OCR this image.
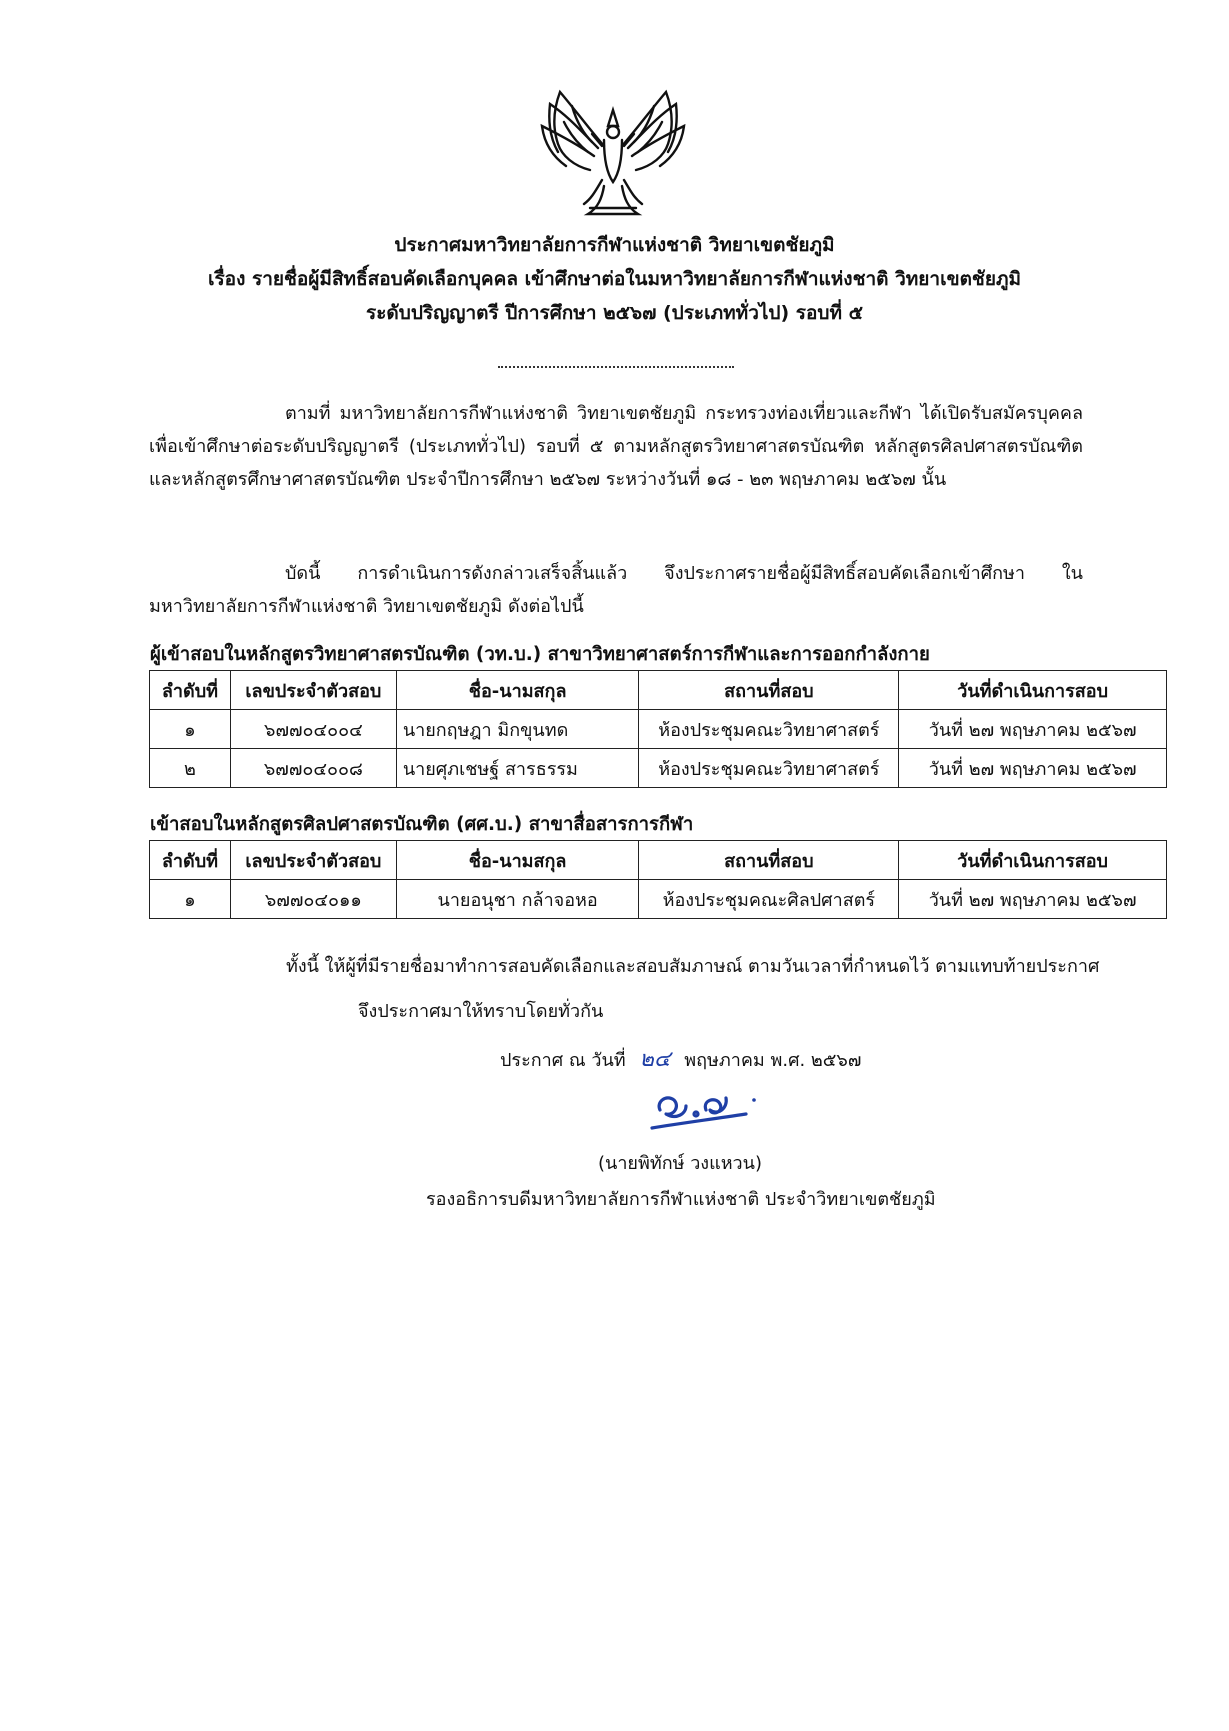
ประกาศมหาวิทยาลัยการกีฬาแห่งชาติ วิทยาเขตชัยภูมิ
เรื่อง รายชื่อผู้มีสิทธิ์สอบคัดเลือกบุคคล เข้าศึกษาต่อในมหาวิทยาลัยการกีฬาแห่งชาติ วิทยาเขตชัยภูมิ
ระดับปริญญาตรี ปีการศึกษา ๒๕๖๗ (ประเภททั่วไป) รอบที่ ๕
ตามที่ มหาวิทยาลัยการกีฬาแห่งชาติ วิทยาเขตชัยภูมิ กระทรวงท่องเที่ยวและกีฬา ได้เปิดรับสมัครบุคคล เพื่อเข้าศึกษาต่อระดับปริญญาตรี (ประเภททั่วไป) รอบที่ ๕ ตามหลักสูตรวิทยาศาสตรบัณฑิต หลักสูตรศิลปศาสตรบัณฑิต และหลักสูตรศึกษาศาสตรบัณฑิต ประจำปีการศึกษา ๒๕๖๗ ระหว่างวันที่ ๑๘ - ๒๓ พฤษภาคม ๒๕๖๗ นั้น
บัดนี้ การดำเนินการดังกล่าวเสร็จสิ้นแล้ว จึงประกาศรายชื่อผู้มีสิทธิ์สอบคัดเลือกเข้าศึกษา ในมหาวิทยาลัยการกีฬาแห่งชาติ วิทยาเขตชัยภูมิ ดังต่อไปนี้
ผู้เข้าสอบในหลักสูตรวิทยาศาสตรบัณฑิต (วท.บ.) สาขาวิทยาศาสตร์การกีฬาและการออกกำลังกาย
ลำดับที่	เลขประจำตัวสอบ	ชื่อ-นามสกุล	สถานที่สอบ	วันที่ดำเนินการสอบ
๑	๖๗๗๐๔๐๐๔	นายกฤษฎา มิกขุนทด	ห้องประชุมคณะวิทยาศาสตร์	วันที่ ๒๗ พฤษภาคม ๒๕๖๗
๒	๖๗๗๐๔๐๐๘	นายศุภเชษฐ์ สารธรรม	ห้องประชุมคณะวิทยาศาสตร์	วันที่ ๒๗ พฤษภาคม ๒๕๖๗
เข้าสอบในหลักสูตรศิลปศาสตรบัณฑิต (ศศ.บ.) สาขาสื่อสารการกีฬา
ลำดับที่	เลขประจำตัวสอบ	ชื่อ-นามสกุล	สถานที่สอบ	วันที่ดำเนินการสอบ
๑	๖๗๗๐๔๐๑๑	นายอนุชา กล้าจอหอ	ห้องประชุมคณะศิลปศาสตร์	วันที่ ๒๗ พฤษภาคม ๒๕๖๗
ทั้งนี้ ให้ผู้ที่มีรายชื่อมาทำการสอบคัดเลือกและสอบสัมภาษณ์ ตามวันเวลาที่กำหนดไว้ ตามแทบท้ายประกาศ
จึงประกาศมาให้ทราบโดยทั่วกัน
ประกาศ ณ วันที่ ๒๔ พฤษภาคม พ.ศ. ๒๕๖๗
(นายพิทักษ์ วงแหวน)
รองอธิการบดีมหาวิทยาลัยการกีฬาแห่งชาติ ประจำวิทยาเขตชัยภูมิ
